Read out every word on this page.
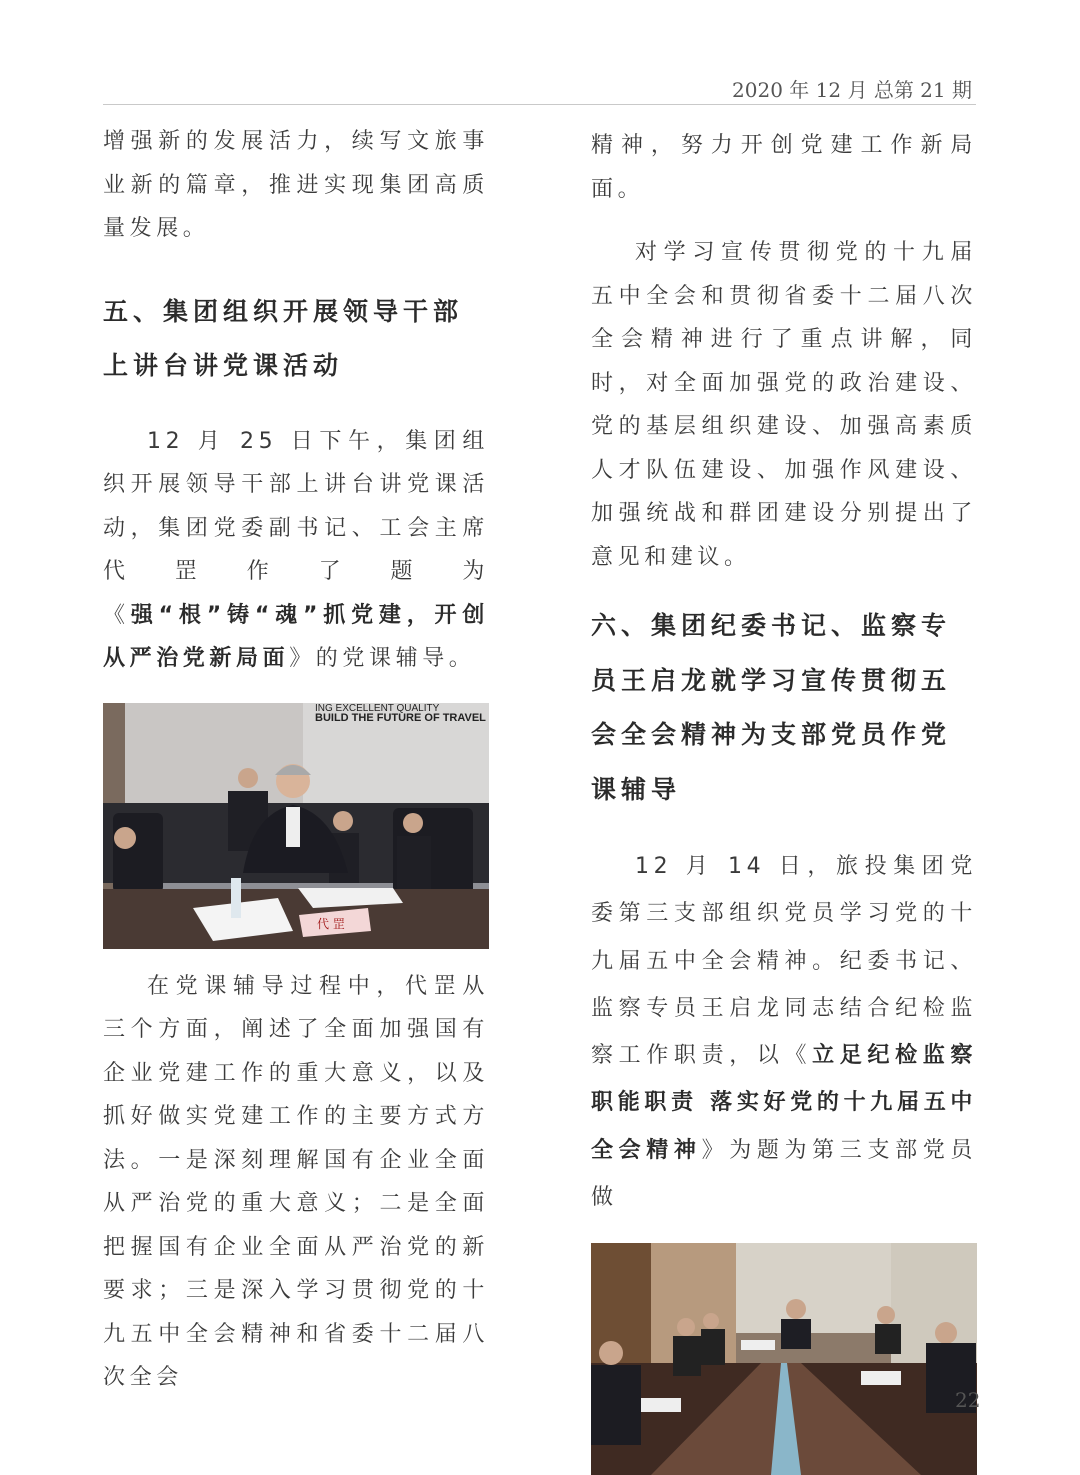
2020 年 12 月 总第 21 期

增强新的发展活力，续写文旅事业新的篇章，推进实现集团高质量发展。

五、集团组织开展领导干部上讲台讲党课活动

12 月 25 日下午，集团组织开展领导干部上讲台讲党课活动，集团党委副书记、工会主席代罡作了题为《强“根”铸“魂”抓党建，开创从严治党新局面》的党课辅导。

ING EXCELLENT QUALITY
BUILD THE FUTURE OF TRAVEL
代 罡

在党课辅导过程中，代罡从三个方面，阐述了全面加强国有企业党建工作的重大意义，以及抓好做实党建工作的主要方式方法。一是深刻理解国有企业全面从严治党的重大意义；二是全面把握国有企业全面从严治党的新要求；三是深入学习贯彻党的十九五中全会精神和省委十二届八次全会

精神，努力开创党建工作新局面。

对学习宣传贯彻党的十九届五中全会和贯彻省委十二届八次全会精神进行了重点讲解，同时，对全面加强党的政治建设、党的基层组织建设、加强高素质人才队伍建设、加强作风建设、加强统战和群团建设分别提出了意见和建议。

六、集团纪委书记、监察专员王启龙就学习宣传贯彻五会全会精神为支部党员作党课辅导

12 月 14 日，旅投集团党委第三支部组织党员学习党的十九届五中全会精神。纪委书记、监察专员王启龙同志结合纪检监察工作职责，以《立足纪检监察职能职责 落实好党的十九届五中全会精神》为题为第三支部党员做

22
